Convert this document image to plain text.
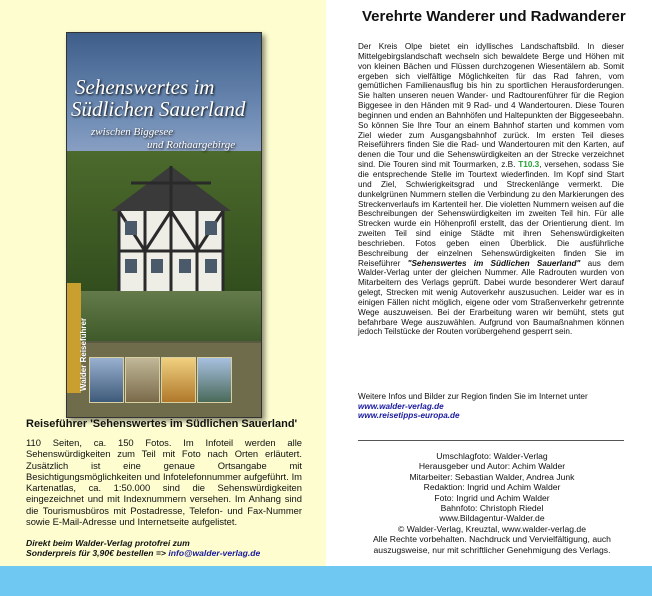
Sehenswertes im
Südlichen Sauerland
zwischen Biggesee
und Rothaargebirge
Walder Reiseführer
Reiseführer 'Sehenswertes im Südlichen Sauerland'

110 Seiten, ca. 150 Fotos. Im Infoteil werden alle Sehenswürdigkeiten zum Teil mit Foto nach Orten erläutert. Zusätzlich ist eine genaue Ortsangabe mit Besichtigungsmöglichkeiten und Infotelefonnummer aufgeführt. Im Kartenatlas, ca. 1:50.000 sind die Sehenswürdigkeiten eingezeichnet und mit Indexnummern versehen. Im Anhang sind die Tourismusbüros mit Postadresse, Telefon- und Fax-Nummer sowie E-Mail-Adresse und Internetseite aufgelistet.

Direkt beim Walder-Verlag protofrei zum
Sonderpreis für 3,90€ bestellen => info@walder-verlag.de
Verehrte Wanderer und Radwanderer

Der Kreis Olpe bietet ein idyllisches Landschaftsbild. In dieser Mittelgebirgslandschaft wechseln sich bewaldete Berge und Höhen mit von kleinen Bächen und Flüssen durchzogenen Wiesentälern ab. Somit ergeben sich vielfältige Möglichkeiten für das Rad fahren, vom gemütlichen Familienausflug bis hin zu sportlichen Herausforderungen. Sie halten unseren neuen Wander- und Radtourenführer für die Region Biggesee in den Händen mit 9 Rad- und 4 Wandertouren. Diese Touren beginnen und enden an Bahnhöfen und Haltepunkten der Biggeseebahn. So können Sie Ihre Tour an einem Bahnhof starten und kommen vom Ziel wieder zum Ausgangsbahnhof zurück. Im ersten Teil dieses Reiseführers finden Sie die Rad- und Wandertouren mit den Karten, auf denen die Tour und die Sehenswürdigkeiten an der Strecke verzeichnet sind. Die Touren sind mit Tourmarken, z.B. T10.3, versehen, sodass Sie die entsprechende Stelle im Tourtext wiederfinden. Im Kopf sind Start und Ziel, Schwierigkeitsgrad und Streckenlänge vermerkt. Die dunkelgrünen Nummern stellen die Verbindung zu den Markierungen des Streckenverlaufs im Kartenteil her. Die violetten Nummern weisen auf die Beschreibungen der Sehenswürdigkeiten im zweiten Teil hin. Für alle Strecken wurde ein Höhenprofil erstellt, das der Orientierung dient. Im zweiten Teil sind einige Städte mit ihren Sehenswürdigkeiten beschrieben. Fotos geben einen Überblick. Die ausführliche Beschreibung der einzelnen Sehenswürdigkeiten finden Sie im Reiseführer "Sehenswertes im Südlichen Sauerland" aus dem Walder-Verlag unter der gleichen Nummer. Alle Radrouten wurden von Mitarbeitern des Verlags geprüft. Dabei wurde besonderer Wert darauf gelegt, Strecken mit wenig Autoverkehr auszusuchen. Leider war es in einigen Fällen nicht möglich, eigene oder vom Straßenverkehr getrennte Wege auszuweisen. Bei der Erarbeitung waren wir bemüht, stets gut befahrbare Wege auszuwählen. Aufgrund von Baumaßnahmen können jedoch Teilstücke der Routen vorübergehend gesperrt sein.

Weitere Infos und Bilder zur Region finden Sie im Internet unter
www.walder-verlag.de
www.reisetipps-europa.de
Umschlagfoto: Walder-Verlag
Herausgeber und Autor: Achim Walder
Mitarbeiter: Sebastian Walder, Andrea Junk
Redaktion: Ingrid und Achim Walder
Foto: Ingrid und Achim Walder
Bahnfoto: Christoph Riedel
www.Bildagentur-Walder.de
© Walder-Verlag, Kreuztal, www.walder-verlag.de
Alle Rechte vorbehalten. Nachdruck und Vervielfältigung, auch
auszugsweise, nur mit schriftlicher Genehmigung des Verlags.
